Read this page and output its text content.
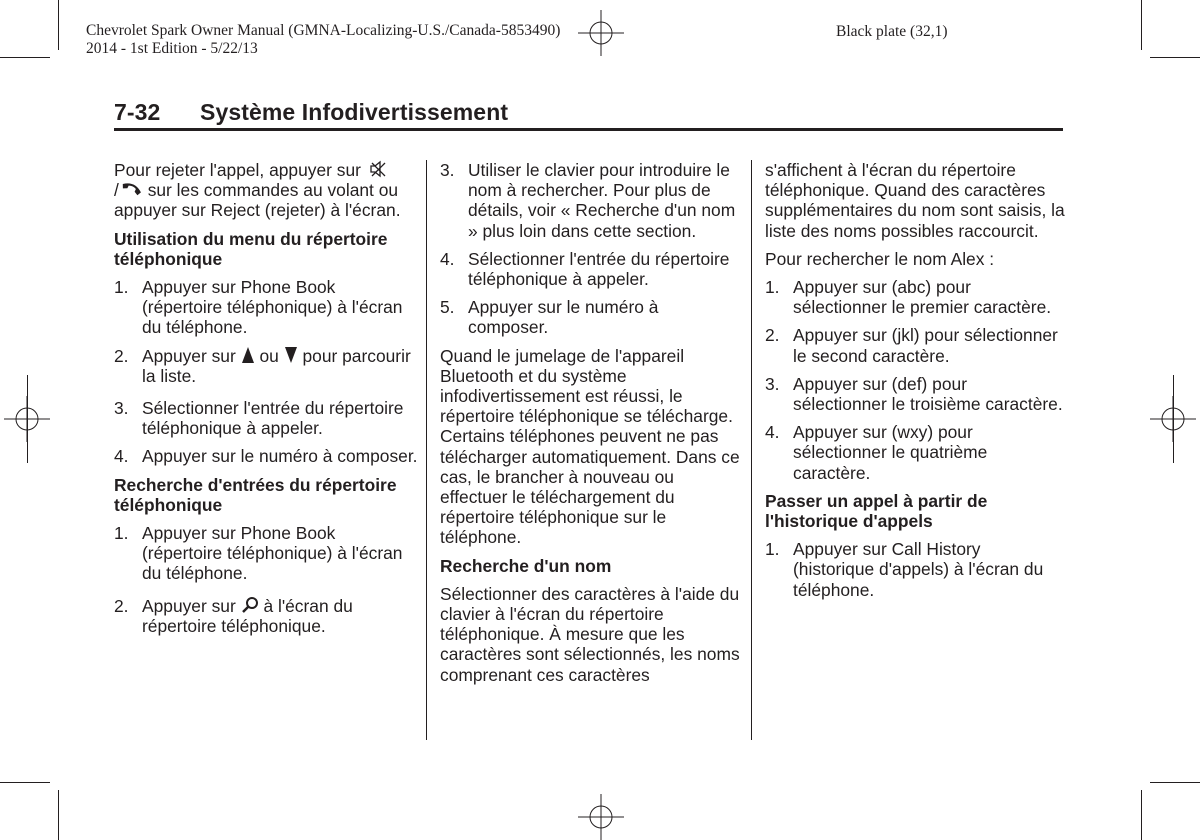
Chevrolet Spark Owner Manual (GMNA-Localizing-U.S./Canada-5853490)
2014 - 1st Edition - 5/22/13
Black plate (32,1)
7-32 Système Infodivertissement

Pour rejeter l'appel, appuyer sur
/ sur les commandes au volant ou appuyer sur Reject (rejeter) à l'écran.

Utilisation du menu du répertoire téléphonique
1. Appuyer sur Phone Book (répertoire téléphonique) à l'écran du téléphone.
2. Appuyer sur ou pour parcourir la liste.
3. Sélectionner l'entrée du répertoire téléphonique à appeler.
4. Appuyer sur le numéro à composer.
Recherche d'entrées du répertoire téléphonique
1. Appuyer sur Phone Book (répertoire téléphonique) à l'écran du téléphone.
2. Appuyer sur à l'écran du répertoire téléphonique.
3. Utiliser le clavier pour introduire le nom à rechercher. Pour plus de détails, voir « Recherche d'un nom » plus loin dans cette section.
4. Sélectionner l'entrée du répertoire téléphonique à appeler.
5. Appuyer sur le numéro à composer.

Quand le jumelage de l'appareil Bluetooth et du système infodivertissement est réussi, le répertoire téléphonique se télécharge. Certains téléphones peuvent ne pas télécharger automatiquement. Dans ce cas, le brancher à nouveau ou effectuer le téléchargement du répertoire téléphonique sur le téléphone.

Recherche d'un nom

Sélectionner des caractères à l'aide du clavier à l'écran du répertoire téléphonique. À mesure que les caractères sont sélectionnés, les noms comprenant ces caractères

s'affichent à l'écran du répertoire téléphonique. Quand des caractères supplémentaires du nom sont saisis, la liste des noms possibles raccourcit.

Pour rechercher le nom Alex :

1. Appuyer sur (abc) pour sélectionner le premier caractère.
2. Appuyer sur (jkl) pour sélectionner le second caractère.
3. Appuyer sur (def) pour sélectionner le troisième caractère.
4. Appuyer sur (wxy) pour sélectionner le quatrième caractère.
Passer un appel à partir de l'historique d'appels
1. Appuyer sur Call History (historique d'appels) à l'écran du téléphone.
